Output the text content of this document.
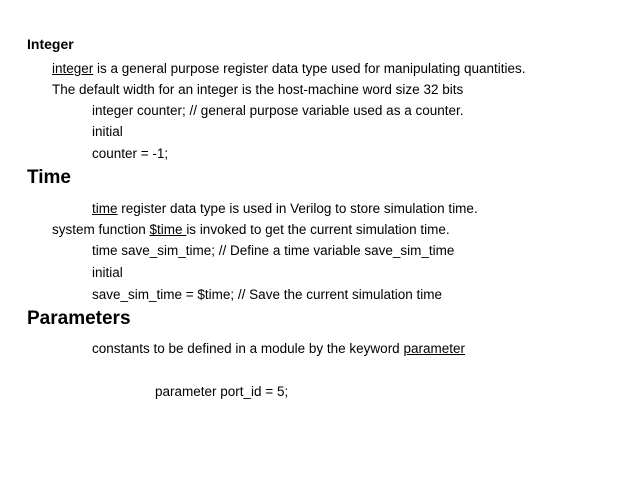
Integer
integer is a general purpose register data type used for manipulating quantities.
The default width for an integer is the host-machine word size 32 bits
integer counter; // general purpose variable used as a counter.
initial
counter = -1;
Time
time register data type is used in Verilog to store simulation time.
system function $time is invoked to get the current simulation time.
time save_sim_time; // Define a time variable save_sim_time
initial
save_sim_time = $time; // Save the current simulation time
Parameters
constants to be defined in a module by the keyword parameter
parameter port_id = 5;
